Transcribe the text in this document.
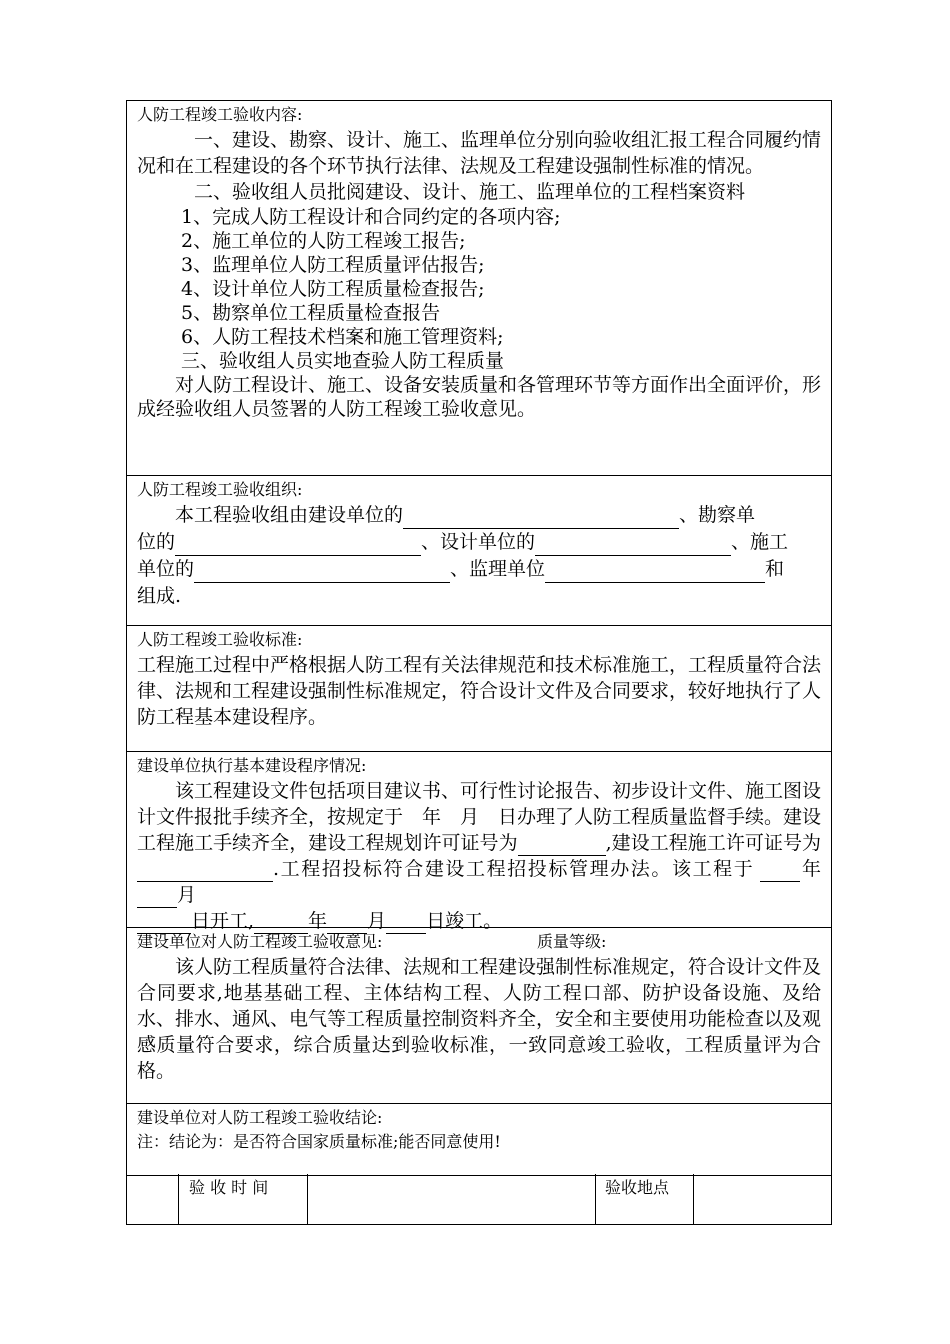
人防工程竣工验收内容:

一、建设、勘察、设计、施工、监理单位分别向验收组汇报工程合同履约情况和在工程建设的各个环节执行法律、法规及工程建设强制性标准的情况。

二、验收组人员批阅建设、设计、施工、监理单位的工程档案资料

1、完成人防工程设计和合同约定的各项内容;
2、施工单位的人防工程竣工报告;
3、监理单位人防工程质量评估报告;
4、设计单位人防工程质量检查报告;
5、勘察单位工程质量检查报告
6、人防工程技术档案和施工管理资料;
三、验收组人员实地查验人防工程质量

对人防工程设计、施工、设备安装质量和各管理环节等方面作出全面评价，形成经验收组人员签署的人防工程竣工验收意见。

人防工程竣工验收组织:
本工程验收组由建设单位的	、勘察单
位的	、设计单位的	、施工
单位的	、监理单位	和
组成.
人防工程竣工验收标准:

工程施工过程中严格根据人防工程有关法律规范和技术标准施工，工程质量符合法律、法规和工程建设强制性标准规定，符合设计文件及合同要求，较好地执行了人防工程基本建设程序。

建设单位执行基本建设程序情况:

该工程建设文件包括项目建议书、可行性讨论报告、初步设计文件、施工图设计文件报批手续齐全，按规定于　年　月　日办理了人防工程质量监督手续。建设工程施工手续齐全，建设工程规划许可证号为	,建设工程施工许可证号为.工程招投标符合建设工程招投标管理办法。该工程于 年月

日开工,	年 月 日竣工。
建设单位对人防工程竣工验收意见:	质量等级:

该人防工程质量符合法律、法规和工程建设强制性标准规定，符合设计文件及合同要求,地基基础工程、主体结构工程、人防工程口部、防护设备设施、及给水、排水、通风、电气等工程质量控制资料齐全，安全和主要使用功能检查以及观感质量符合要求，综合质量达到验收标准，一致同意竣工验收，工程质量评为合格。

建设单位对人防工程竣工验收结论:
注：结论为：是否符合国家质量标准;能否同意使用!
验 收 时 间	验收地点
